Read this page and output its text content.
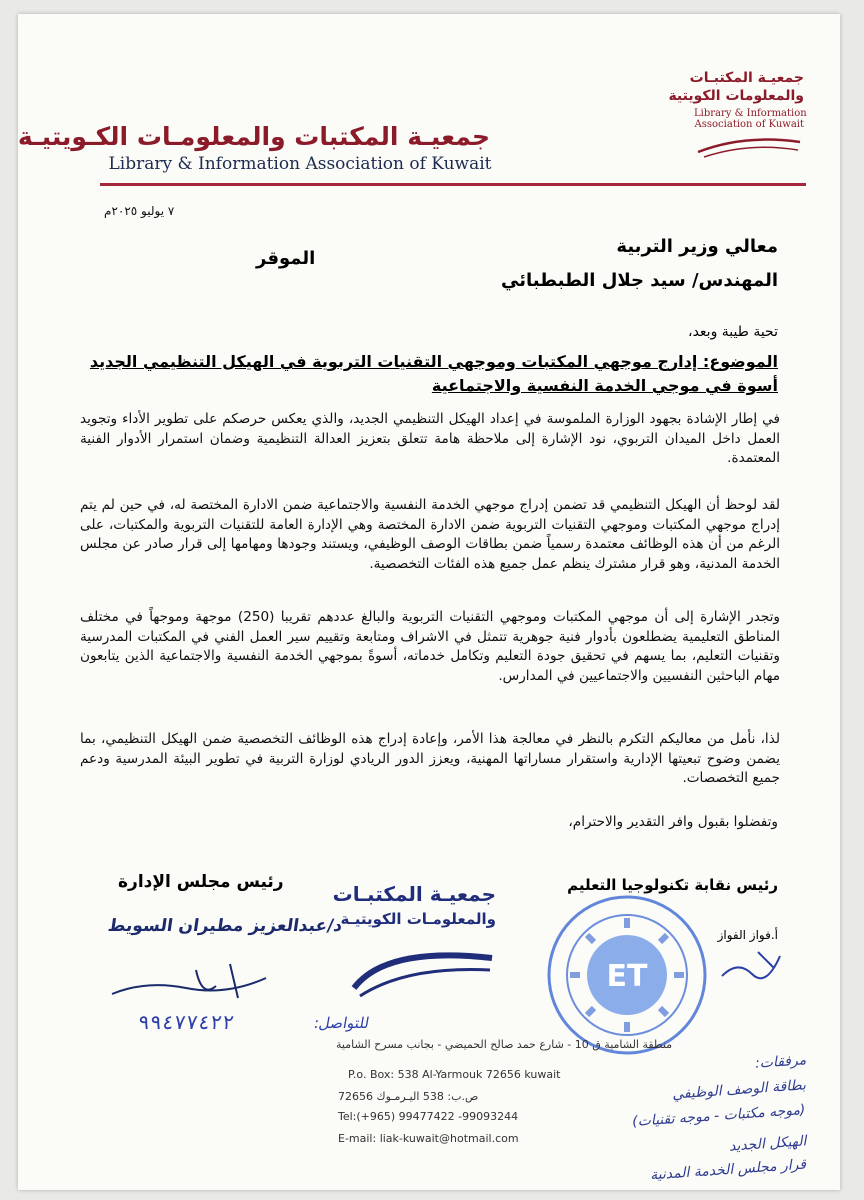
جمعيـة المكتبات والمعلومـات الكـويتيـة
Library & Information Association of Kuwait
جمعيـة المكتبـات
والمعلومات الكويتية
Library & Information
Association of Kuwait
٧ يوليو ٢٠٢٥م
معالي وزير التربية
الموقر
المهندس/ سيد جلال الطبطبائي
تحية طيبة وبعد،
الموضوع: إدارج موجهي المكتبات وموجهي التقنيات التربوية في الهيكل التنظيمي الجديد
أسوة في موجي الخدمة النفسية والاجتماعية
في إطار الإشادة بجهود الوزارة الملموسة في إعداد الهيكل التنظيمي الجديد، والذي يعكس حرصكم على تطوير الأداء وتجويد العمل داخل الميدان التربوي، نود الإشارة إلى ملاحظة هامة تتعلق بتعزيز العدالة التنظيمية وضمان استمرار الأدوار الفنية المعتمدة.
لقد لوحظ أن الهيكل التنظيمي قد تضمن إدراج موجهي الخدمة النفسية والاجتماعية ضمن الادارة المختصة له، في حين لم يتم إدراج موجهي المكتبات وموجهي التقنيات التربوية ضمن الادارة المختصة وهي الإدارة العامة للتقنيات التربوية والمكتبات، على الرغم من أن هذه الوظائف معتمدة رسمياً ضمن بطاقات الوصف الوظيفي، ويستند وجودها ومهامها إلى قرار صادر عن مجلس الخدمة المدنية، وهو قرار مشترك ينظم عمل جميع هذه الفئات التخصصية.
وتجدر الإشارة إلى أن موجهي المكتبات وموجهي التقنيات التربوية والبالغ عددهم تقريبا (250) موجهة وموجهاً في مختلف المناطق التعليمية يضطلعون بأدوار فنية جوهرية تتمثل في الاشراف ومتابعة وتقييم سير العمل الفني في المكتبات المدرسية وتقنيات التعليم، بما يسهم في تحقيق جودة التعليم وتكامل خدماته، أسوةً بموجهي الخدمة النفسية والاجتماعية الذين يتابعون مهام الباحثين النفسيين والاجتماعيين في المدارس.
لذا، نأمل من معاليكم التكرم بالنظر في معالجة هذا الأمر، وإعادة إدراج هذه الوظائف التخصصية ضمن الهيكل التنظيمي، بما يضمن وضوح تبعيتها الإدارية واستقرار مساراتها المهنية، ويعزز الدور الريادي لوزارة التربية في تطوير البيئة المدرسية ودعم جميع التخصصات.
وتفضلوا بقبول وافر التقدير والاحترام،
رئيس نقابة تكنولوجيا التعليم
أ.فواز الفواز
رئيس مجلس الإدارة
د/عبدالعزيز مطيران السويط
جمعيـة المكتبـات
والمعلومـات الكويتيـة
ET
للتواصل:
٩٩٤٧٧٤٢٢
منطقة الشامية ق 10 - شارع حمد صالح الحميضي - بجانب مسرح الشامية
P.o. Box: 538 Al-Yarmouk 72656 kuwait
ص.ب: 538 اليـرمـوك 72656
Tel:(+965) 99477422 -99093244
E-mail: liak-kuwait@hotmail.com
مرفقات:
بطاقة الوصف الوظيفي
(موجه مكتبات - موجه تقنيات)
الهيكل الجديد
قرار مجلس الخدمة المدنية
